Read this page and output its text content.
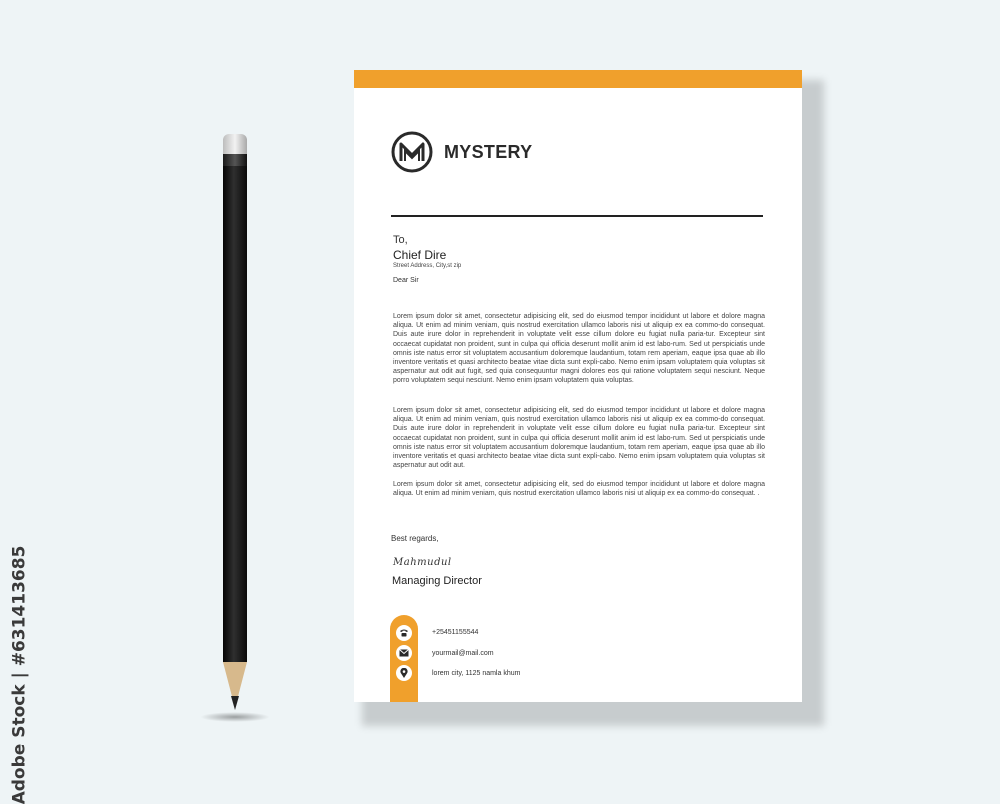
Adobe Stock | #631413685
MYSTERY
To,
Chief Dire
Street Address, City,st zip
Dear Sir

Lorem ipsum dolor sit amet, consectetur adipisicing elit, sed do eiusmod tempor incididunt ut labore et dolore magna aliqua. Ut enim ad minim veniam, quis nostrud exercitation ullamco laboris nisi ut aliquip ex ea commo-do consequat. Duis aute irure dolor in reprehenderit in voluptate velit esse cillum dolore eu fugiat nulla paria-tur. Excepteur sint occaecat cupidatat non proident, sunt in culpa qui officia deserunt mollit anim id est labo-rum. Sed ut perspiciatis unde omnis iste natus error sit voluptatem accusantium doloremque laudantium, totam rem aperiam, eaque ipsa quae ab illo inventore veritatis et quasi architecto beatae vitae dicta sunt expli-cabo. Nemo enim ipsam voluptatem quia voluptas sit aspernatur aut odit aut fugit, sed quia consequuntur magni dolores eos qui ratione voluptatem sequi nesciunt. Neque porro voluptatem sequi nesciunt. Nemo enim ipsam voluptatem quia voluptas.

Lorem ipsum dolor sit amet, consectetur adipisicing elit, sed do eiusmod tempor incididunt ut labore et dolore magna aliqua. Ut enim ad minim veniam, quis nostrud exercitation ullamco laboris nisi ut aliquip ex ea commo-do consequat. Duis aute irure dolor in reprehenderit in voluptate velit esse cillum dolore eu fugiat nulla paria-tur. Excepteur sint occaecat cupidatat non proident, sunt in culpa qui officia deserunt mollit anim id est labo-rum. Sed ut perspiciatis unde omnis iste natus error sit voluptatem accusantium doloremque laudantium, totam rem aperiam, eaque ipsa quae ab illo inventore veritatis et quasi architecto beatae vitae dicta sunt expli-cabo. Nemo enim ipsam voluptatem quia voluptas sit aspernatur aut odit aut.

Lorem ipsum dolor sit amet, consectetur adipisicing elit, sed do eiusmod tempor incididunt ut labore et dolore magna aliqua. Ut enim ad minim veniam, quis nostrud exercitation ullamco laboris nisi ut aliquip ex ea commo-do consequat. .

Best regards,
Mahmudul
Managing Director
+25451155544
yourmail@mail.com
lorem city, 1125 namla khum
